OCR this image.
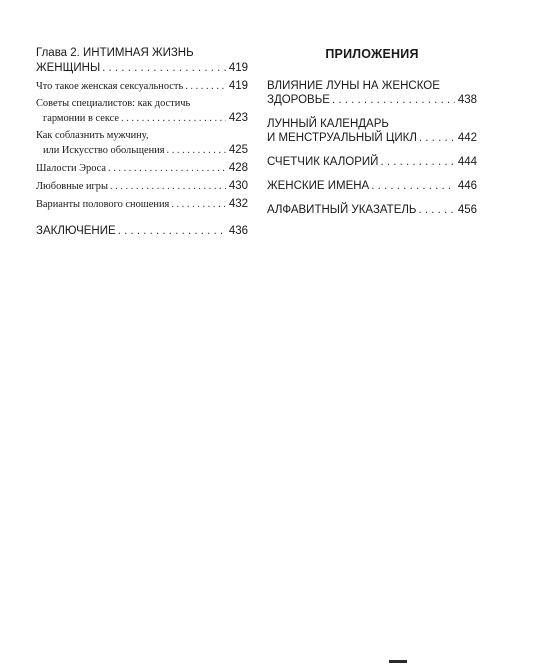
Глава 2. ИНТИМНАЯ ЖИЗНЬ
ЖЕНЩИНЫ . . .	419
Что такое женская сексуальность . . .	419
Советы специалистов: как достичь
гармонии в сексе . . .	423
Как соблазнить мужчину,
или Искусство обольщения . . .	425
Шалости Эроса . . .	428
Любовные игры . . .	430
Варианты полового сношения . . .	432
ЗАКЛЮЧЕНИЕ . . .	436
ПРИЛОЖЕНИЯ
ВЛИЯНИЕ ЛУНЫ НА ЖЕНСКОЕ
ЗДОРОВЬЕ . . .	438
ЛУННЫЙ КАЛЕНДАРЬ
И МЕНСТРУАЛЬНЫЙ ЦИКЛ . . .	442
СЧЕТЧИК КАЛОРИЙ . . .	444
ЖЕНСКИЕ ИМЕНА . . .	446
АЛФАВИТНЫЙ УКАЗАТЕЛЬ . . .	456
